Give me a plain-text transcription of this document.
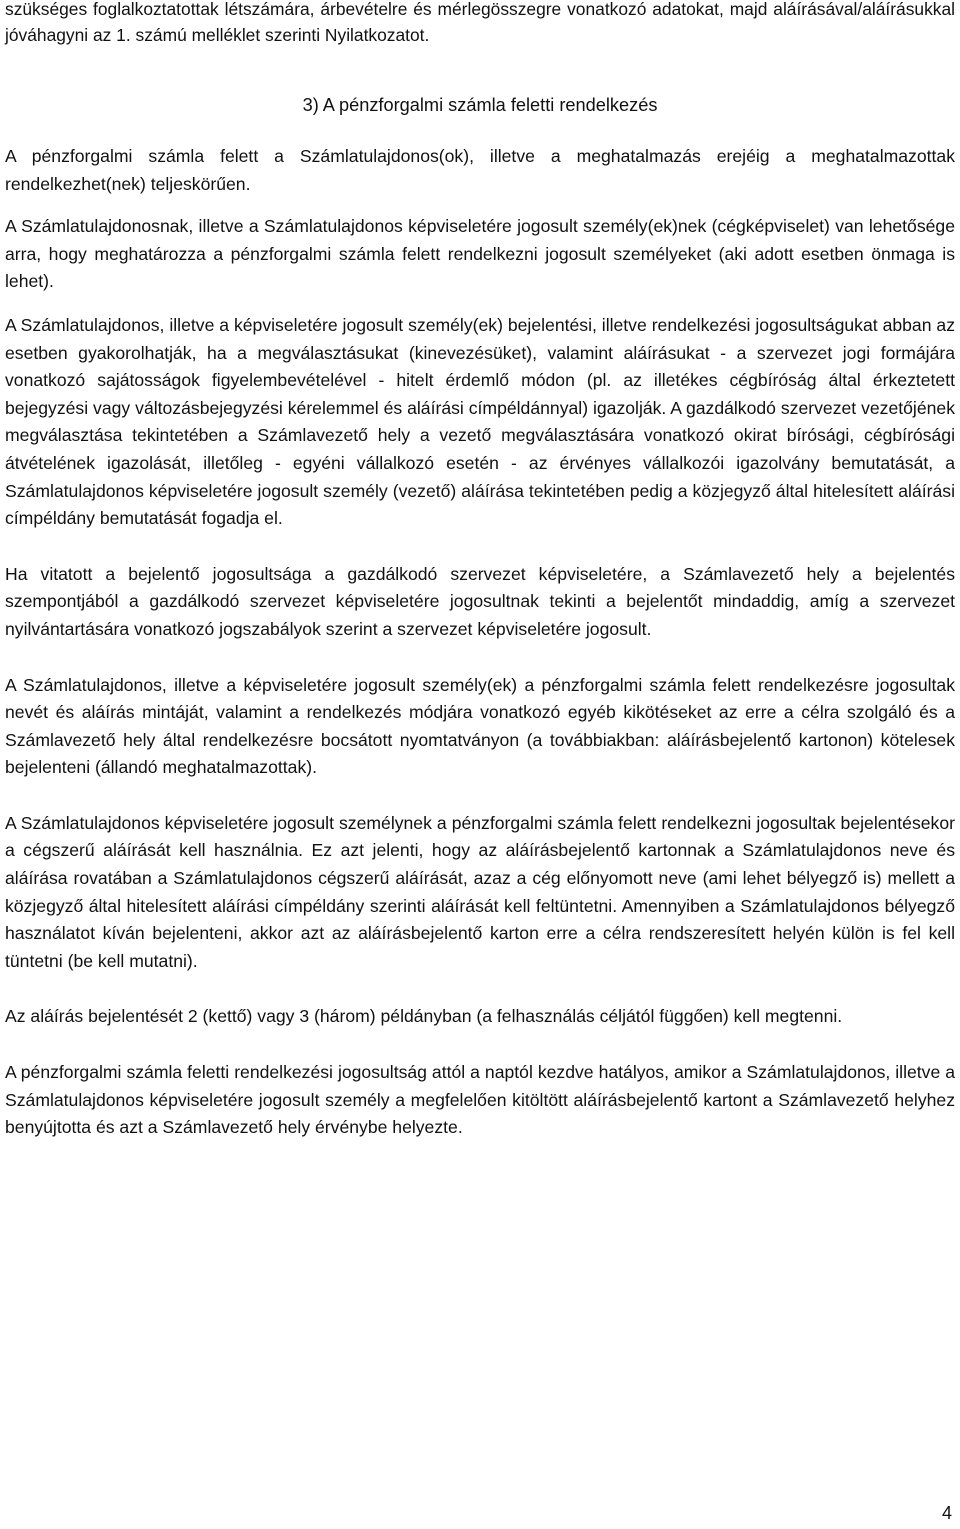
szükséges foglalkoztatottak létszámára, árbevételre és mérlegösszegre vonatkozó adatokat, majd aláírásával/aláírásukkal jóváhagyni az 1. számú melléklet szerinti Nyilatkozatot.

3) A pénzforgalmi számla feletti rendelkezés

A pénzforgalmi számla felett a Számlatulajdonos(ok), illetve a meghatalmazás erejéig a meghatalmazottak rendelkezhet(nek) teljeskörűen.

A Számlatulajdonosnak, illetve a Számlatulajdonos képviseletére jogosult személy(ek)nek (cégképviselet) van lehetősége arra, hogy meghatározza a pénzforgalmi számla felett rendelkezni jogosult személyeket (aki adott esetben önmaga is lehet).

A Számlatulajdonos, illetve a képviseletére jogosult személy(ek) bejelentési, illetve rendelkezési jogosultságukat abban az esetben gyakorolhatják, ha a megválasztásukat (kinevezésüket), valamint aláírásukat - a szervezet jogi formájára vonatkozó sajátosságok figyelembevételével - hitelt érdemlő módon (pl. az illetékes cégbíróság által érkeztetett bejegyzési vagy változásbejegyzési kérelemmel és aláírási címpéldánnyal) igazolják. A gazdálkodó szervezet vezetőjének megválasztása tekintetében a Számlavezető hely a vezető megválasztására vonatkozó okirat bírósági, cégbírósági átvételének igazolását, illetőleg - egyéni vállalkozó esetén - az érvényes vállalkozói igazolvány bemutatását, a Számlatulajdonos képviseletére jogosult személy (vezető) aláírása tekintetében pedig a közjegyző által hitelesített aláírási címpéldány bemutatását fogadja el.

Ha vitatott a bejelentő jogosultsága a gazdálkodó szervezet képviseletére, a Számlavezető hely a bejelentés szempontjából a gazdálkodó szervezet képviseletére jogosultnak tekinti a bejelentőt mindaddig, amíg a szervezet nyilvántartására vonatkozó jogszabályok szerint a szervezet képviseletére jogosult.

A Számlatulajdonos, illetve a képviseletére jogosult személy(ek) a pénzforgalmi számla felett rendelkezésre jogosultak nevét és aláírás mintáját, valamint a rendelkezés módjára vonatkozó egyéb kikötéseket az erre a célra szolgáló és a Számlavezető hely által rendelkezésre bocsátott nyomtatványon (a továbbiakban: aláírásbejelentő kartonon) kötelesek bejelenteni (állandó meghatalmazottak).

A Számlatulajdonos képviseletére jogosult személynek a pénzforgalmi számla felett rendelkezni jogosultak bejelentésekor a cégszerű aláírását kell használnia. Ez azt jelenti, hogy az aláírásbejelentő kartonnak a Számlatulajdonos neve és aláírása rovatában a Számlatulajdonos cégszerű aláírását, azaz a cég előnyomott neve (ami lehet bélyegző is) mellett a közjegyző által hitelesített aláírási címpéldány szerinti aláírását kell feltüntetni. Amennyiben a Számlatulajdonos bélyegző használatot kíván bejelenteni, akkor azt az aláírásbejelentő karton erre a célra rendszeresített helyén külön is fel kell tüntetni (be kell mutatni).

Az aláírás bejelentését 2 (kettő) vagy 3 (három) példányban (a felhasználás céljától függően) kell megtenni.

A pénzforgalmi számla feletti rendelkezési jogosultság attól a naptól kezdve hatályos, amikor a Számlatulajdonos, illetve a Számlatulajdonos képviseletére jogosult személy a megfelelően kitöltött aláírásbejelentő kartont a Számlavezető helyhez benyújtotta és azt a Számlavezető hely érvénybe helyezte.

4
